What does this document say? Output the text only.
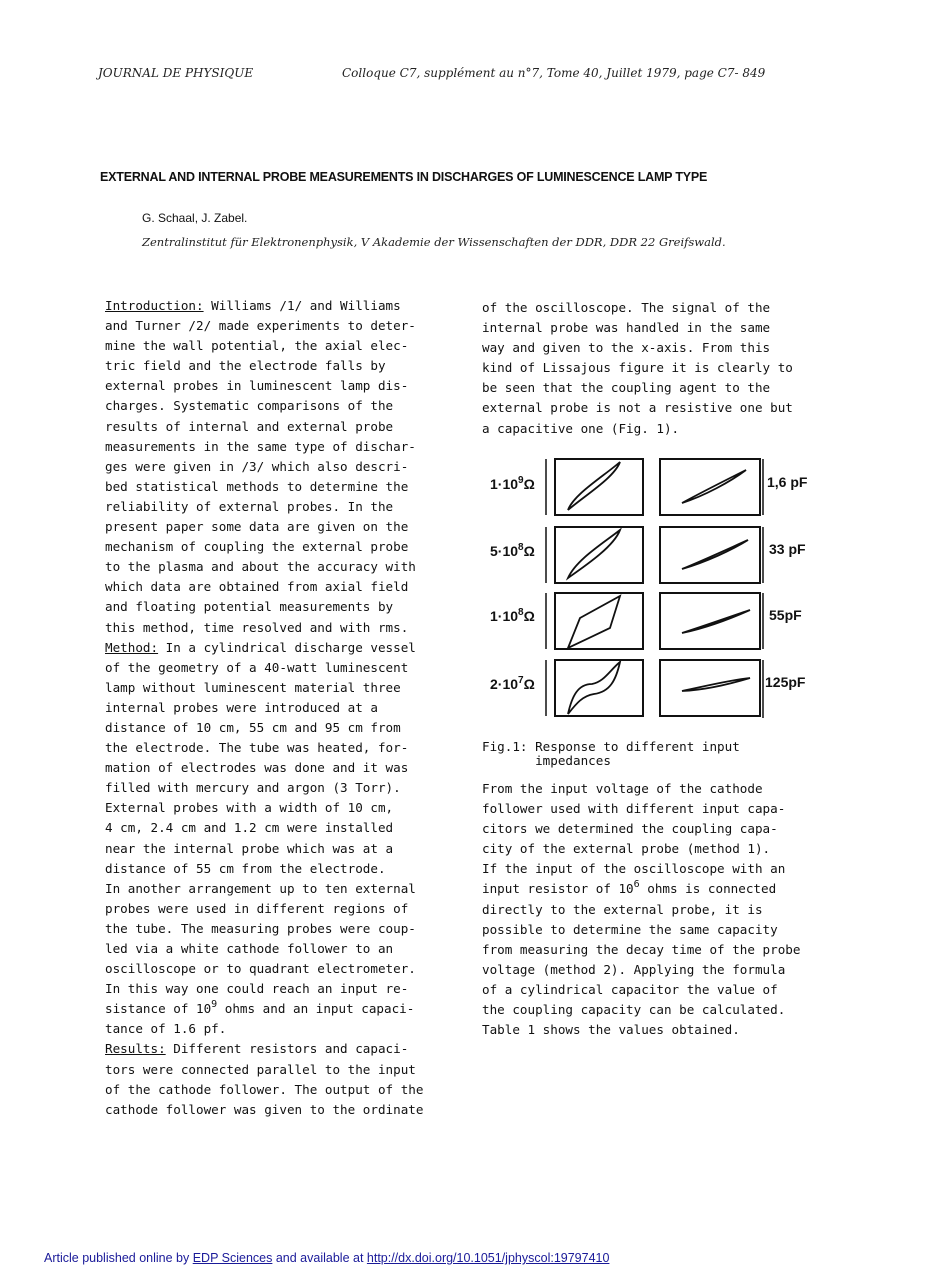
JOURNAL DE PHYSIQUE	Colloque C7, supplément au n°7, Tome 40, Juillet 1979, page C7- 849
EXTERNAL AND INTERNAL PROBE MEASUREMENTS IN DISCHARGES OF LUMINESCENCE LAMP TYPE
G. Schaal, J. Zabel.
Zentralinstitut für Elektronenphysik, V Akademie der Wissenschaften der DDR, DDR 22 Greifswald.
Introduction: Williams /1/ and Williams
and Turner /2/ made experiments to deter-
mine the wall potential, the axial elec-
tric field and the electrode falls by
external probes in luminescent lamp dis-
charges. Systematic comparisons of the
results of internal and external probe
measurements in the same type of dischar-
ges were given in /3/ which also descri-
bed statistical methods to determine the
reliability of external probes. In the
present paper some data are given on the
mechanism of coupling the external probe
to the plasma and about the accuracy with
which data are obtained from axial field
and floating potential measurements by
this method, time resolved and with rms.
Method: In a cylindrical discharge vessel
of the geometry of a 40-watt luminescent
lamp without luminescent material three
internal probes were introduced at a
distance of 10 cm, 55 cm and 95 cm from
the electrode. The tube was heated, for-
mation of electrodes was done and it was
filled with mercury and argon (3 Torr).
External probes with a width of 10 cm,
4 cm, 2.4 cm and 1.2 cm were installed
near the internal probe which was at a
distance of 55 cm from the electrode.
In another arrangement up to ten external
probes were used in different regions of
the tube. The measuring probes were coup-
led via a white cathode follower to an
oscilloscope or to quadrant electrometer.
In this way one could reach an input re-
sistance of $10^9$ ohms and an input capaci-
tance of 1.6 pf.
Results: Different resistors and capaci-
tors were connected parallel to the input
of the cathode follower. The output of the
cathode follower was given to the ordinate
of the oscilloscope. The signal of the
internal probe was handled in the same
way and given to the x-axis. From this
kind of Lissajous figure it is clearly to
be seen that the coupling agent to the
external probe is not a resistive one but
a capacitive one (Fig. 1).
$1\cdot 10^9\Omega$
$5\cdot 10^8\Omega$
$1\cdot 10^8\Omega$
$2\cdot 10^7\Omega$
1,6 pF
33 pF
55pF
125pF
Fig.1: Response to different input
impedances
From the input voltage of the cathode
follower used with different input capa-
citors we determined the coupling capa-
city of the external probe (method 1).
If the input of the oscilloscope with an
input resistor of $10^6$ ohms is connected
directly to the external probe, it is
possible to determine the same capacity
from measuring the decay time of the probe
voltage (method 2). Applying the formula
of a cylindrical capacitor the value of
the coupling capacity can be calculated.
Table 1 shows the values obtained.
Article published online by EDP Sciences and available at http://dx.doi.org/10.1051/jphyscol:19797410
